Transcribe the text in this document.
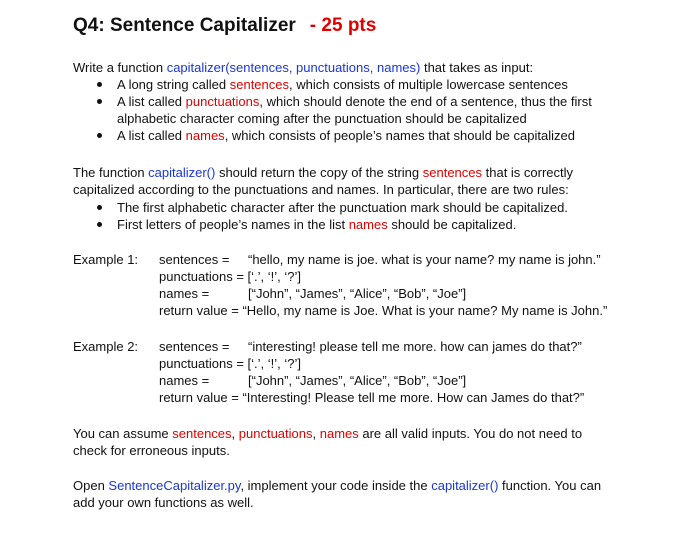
Q4: Sentence Capitalizer - 25 pts
Write a function capitalizer(sentences, punctuations, names) that takes as input:
A long string called sentences, which consists of multiple lowercase sentences
A list called punctuations, which should denote the end of a sentence, thus the first
alphabetic character coming after the punctuation should be capitalized
A list called names, which consists of people’s names that should be capitalized
The function capitalizer() should return the copy of the string sentences that is correctly
capitalized according to the punctuations and names. In particular, there are two rules:
The first alphabetic character after the punctuation mark should be capitalized.
First letters of people’s names in the list names should be capitalized.
Example 1: sentences = “hello, my name is joe. what is your name? my name is john.”
punctuations = [‘.’, ‘!’, ‘?’]
names =	[“John”, “James”, “Alice”, “Bob”, “Joe”]
return value = “Hello, my name is Joe. What is your name? My name is John.”
Example 2: sentences = “interesting! please tell me more. how can james do that?”
punctuations = [‘.’, ‘!’, ‘?’]
names =	[“John”, “James”, “Alice”, “Bob”, “Joe”]
return value = “Interesting! Please tell me more. How can James do that?”
You can assume sentences, punctuations, names are all valid inputs. You do not need to
check for erroneous inputs.
Open SentenceCapitalizer.py, implement your code inside the capitalizer() function. You can
add your own functions as well.
